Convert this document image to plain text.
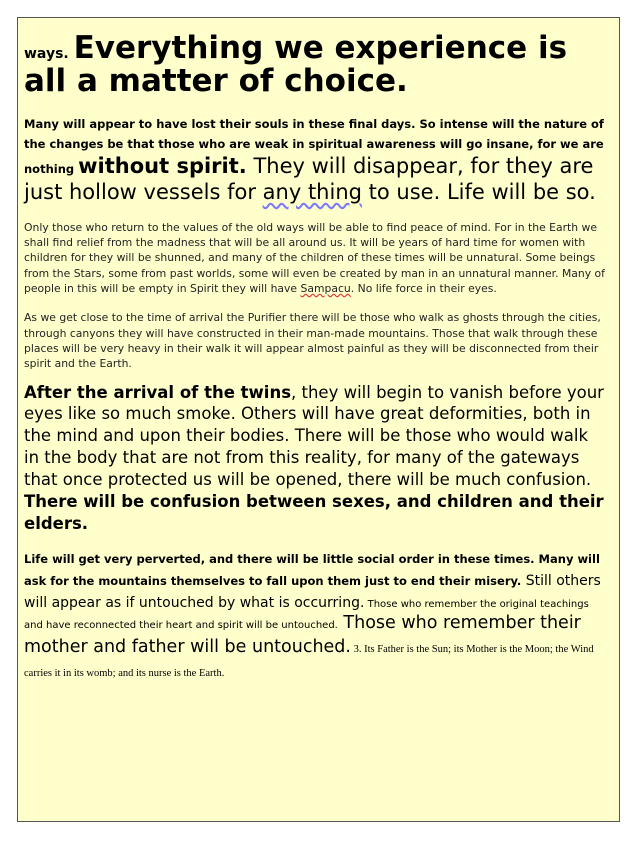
ways. Everything we experience is all a matter of choice.

Many will appear to have lost their souls in these final days. So intense will the nature of the changes be that those who are weak in spiritual awareness will go insane, for we are nothing without spirit. They will disappear, for they are just hollow vessels for any thing to use. Life will be so.

Only those who return to the values of the old ways will be able to find peace of mind. For in the Earth we shall find relief from the madness that will be all around us. It will be years of hard time for women with children for they will be shunned, and many of the children of these times will be unnatural. Some beings from the Stars, some from past worlds, some will even be created by man in an unnatural manner. Many of people in this will be empty in Spirit they will have Sampacu. No life force in their eyes.

As we get close to the time of arrival the Purifier there will be those who walk as ghosts through the cities, through canyons they will have constructed in their man-made mountains. Those that walk through these places will be very heavy in their walk it will appear almost painful as they will be disconnected from their spirit and the Earth.

After the arrival of the twins, they will begin to vanish before your eyes like so much smoke. Others will have great deformities, both in the mind and upon their bodies. There will be those who would walk in the body that are not from this reality, for many of the gateways that once protected us will be opened, there will be much confusion. There will be confusion between sexes, and children and their elders.

Life will get very perverted, and there will be little social order in these times. Many will ask for the mountains themselves to fall upon them just to end their misery. Still others will appear as if untouched by what is occurring. Those who remember the original teachings and have reconnected their heart and spirit will be untouched. Those who remember their mother and father will be untouched. 3. Its Father is the Sun; its Mother is the Moon; the Wind carries it in its womb; and its nurse is the Earth.
